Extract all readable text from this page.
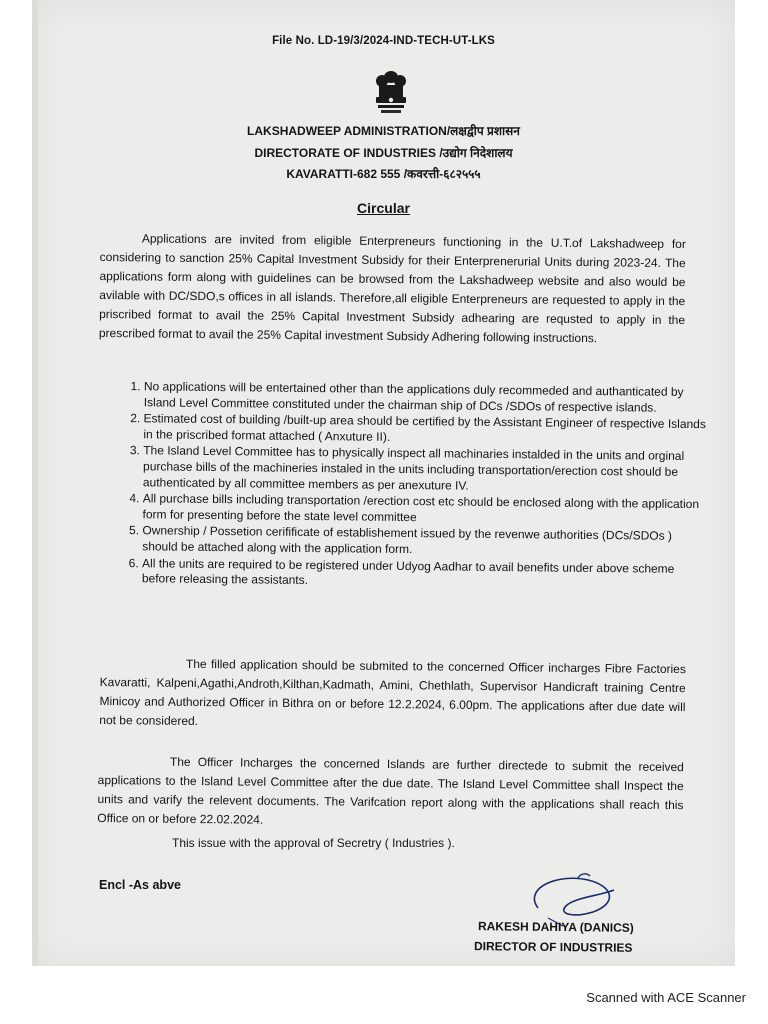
File No. LD-19/3/2024-IND-TECH-UT-LKS
LAKSHADWEEP ADMINISTRATION/लक्षद्वीप प्रशासन
DIRECTORATE OF INDUSTRIES /उद्योग निदेशालय
KAVARATTI-682 555 /कवरत्ती-६८२५५५
Circular
Applications are invited from eligible Enterpreneurs functioning in the U.T.of Lakshadweep for considering to sanction 25% Capital Investment Subsidy for their Enterprenerurial Units during 2023-24. The applications form along with guidelines can be browsed from the Lakshadweep website and also would be avilable with DC/SDO,s offices in all islands. Therefore,all eligible Enterpreneurs are requested to apply in the priscribed format to avail the 25% Capital Investment Subsidy adhearing are requsted to apply in the prescribed format to avail the 25% Capital investment Subsidy Adhering following instructions.
1. No applications will be entertained other than the applications duly recommeded and authanticated by Island Level Committee constituted under the chairman ship of DCs /SDOs of respective islands.
2. Estimated cost of building /built-up area should be certified by the Assistant Engineer of respective Islands in the priscribed format attached ( Anxuture II).
3. The Island Level Committee has to physically inspect all machinaries instalded in the units and orginal purchase bills of the machineries instaled in the units including transportation/erection cost should be authenticated by all committee members as per anexuture IV.
4. All purchase bills including transportation /erection cost etc should be enclosed along with the application form for presenting before the state level committee
5. Ownership / Possetion cerifificate of establishement issued by the revenwe authorities (DCs/SDOs ) should be attached along with the application form.
6. All the units are required to be registered under Udyog Aadhar to avail benefits under above scheme before releasing the assistants.
The filled application should be submited to the concerned Officer incharges Fibre Factories Kavaratti, Kalpeni,Agathi,Androth,Kilthan,Kadmath, Amini, Chethlath, Supervisor Handicraft training Centre Minicoy and Authorized Officer in Bithra on or before 12.2.2024, 6.00pm. The applications after due date will not be considered.
The Officer Incharges the concerned Islands are further directede to submit the received applications to the Island Level Committee after the due date. The Island Level Committee shall Inspect the units and varify the relevent documents. The Varifcation report along with the applications shall reach this Office on or before 22.02.2024.
This issue with the approval of Secretry ( Industries ).
Encl -As abve
RAKESH DAHIYA (DANICS)
DIRECTOR OF INDUSTRIES
Scanned with ACE Scanner
